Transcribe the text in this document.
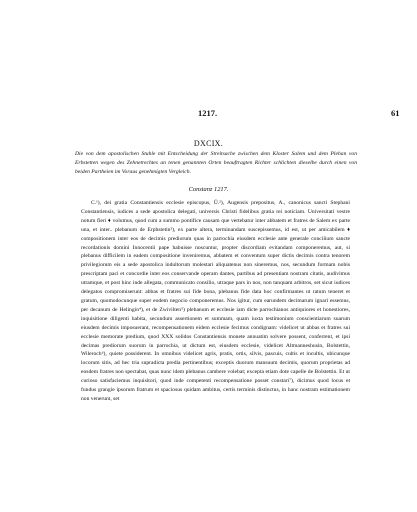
1217.	61
DXCIX.
Die von dem apostolischen Stuhle mit Entscheidung der Streitsache zwischen dem Kloster Salem und dem Pleban von Erbstetten wegen des Zehnetrechtes an tenen genannten Orten beauftragten Richter schlichten dieselbe durch einen von beiden Partheien im Voraus genehmigten Vergleich.
Constanz 1217.

C.¹), dei gratia Constantiensis ecclesie episcopus, Ů.²), Augensis prepositus, A., canonicus sancti Stephani Constantiensis, iudices a sede apostolica delegati, universis Christi fidelibus gratia rei noticiam. Universitati vestre notum fieri ♦ volumus, quod cum a summo pontifice causam que vertebatur inter abbatem et fratres de Salem ex parte una, et inter.. plebanum de Erphstetin³), ex parte altera, terminandam suscepissemus, id est, ut per amicabilem ♦ compositionem inter eos de decimis prediorum quas in parrochia eiusdem ecclesie ante generale concilium sancte recordationis domini Innocentii pape habuisse noscuntur, propter discordiam evitandam componeremus, aut, si plebanus difficilem in eadem compositione inveniremus, abbatem et conventum super dictis decimis contra tenorem privilegiorum eis a sede apostolica indultorum molestari aliquatenus non sineremus, nos, secundum formam nobis prescriptam paci et concordie inter eos conservande operam dantes, partibus ad presentiam nostram citatis, audivimus utramque, et post hinc inde allegata, communicato consilio, utraque pars in nos, non tanquam arbitros, set sicut iudices delegatos compromiserunt: abbas et fratres sui fide bona, plebanus fide data hoc confirmantes ut ratum teneret et gratum, quomodocunque super eodem negocio componeremus. Nos igitur, cum earundem decimarum ignari essemus, per decanum de Helingin⁴), et de Zwivilten⁵) plebanum et ecclesie iam dicte parrochianos antiquiores et honestiores, inquisitione diligenti habita, secundum assertionem et summam, quam iuxta testimonium conscientiarum suarum eiusdem decimis imposuerant, recompensationem eidem ecclesie fecimus condignam: videlicet ut abbas et fratres sui ecclesie memorate predium, quod XXX solidos Constantiensis monete annuatim solvere possent, conferrent, et ipsi decimas prediorum suorum in parrochia, ut dictum est, eiusdem ecclesie, videlicet Altmanneshusin, Bolstettin, Wileroch⁶), quiete possiderent. In omnibus videlicet agris, pratis, ortis, silvis, pascuis, cultis et incultis, ubicunque locorum sitis, ad hec tria supradicta predia pertinentibus; exceptis duorum mansuum decimis, quorum proprietas ad eosdem fratres non spectabat, quas nunc idem plebanus cambere volebat; excepta etiam dote capelle de Bolstettin. Et ut curioso satisfaciemus inquisitori, quod inde competenti recompensatione posset constari⁷), dicimus quod locus et fundus grangie ipsorum fratrum et spaciosus quidam ambitus, certis terminis distinctus, in hanc nostram estimationem non venerunt, set
